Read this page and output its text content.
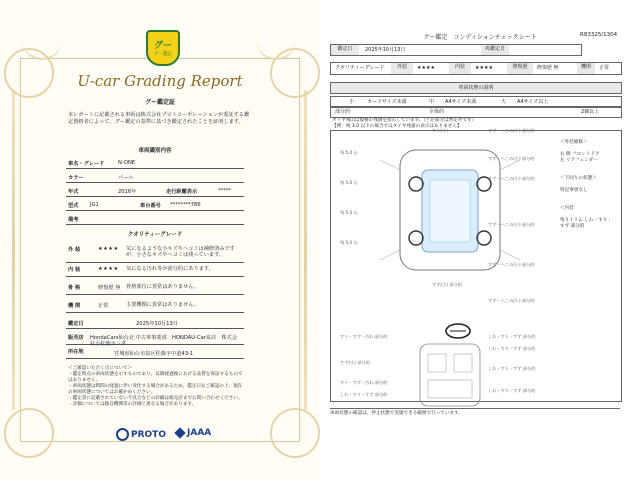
グー
グー鑑定
U-car Grading Report
グー鑑定証
本レポートに記載される車両は株式会社プロトコーポレーションが委託する鑑定資格者によって、グー鑑定の基準に基づき鑑定されたことを証明します。
車両識別内容
車名・グレード	N-ONE
カラー	パール
年式	2016年	走行距離表示	*****
型式 JG1	車台番号 ********786
備考
クオリティーグレード
外 装	★★★★ 気になるような小キズやヘコミは補修済みですが、小さなキズやヘコミは残っています。
内 装	★★★★ 気になる汚れ等が部分的にあります。
骨 格	修復歴 無 骨格部位に異常はありません。
機 関	正常	主要機関に異常はありません。
鑑定日	2025年10月13日
販売店 HondaCars仙台北 中古車事業部　HONDAU-Car泉店　株式会社小松鹿ホンダ
所在地	宮城県仙台市泉区松森字中道43-1
＜ご確認いただく点について＞
・鑑定時点の車両状態を示すものであり、以降経過後における品質を保証するものではありません。
・車両状態は時間の経過に伴い変化する場合があるため、鑑定日をご確認の上、現在の車両状態についてはお確かめください。
・鑑定書に記載されていない不具合などの詳細は販売店までお問い合わせください。
・評価については独自機関等の評価と異なる場合があります。
PROTO	JAAA
グー鑑定　コンディションチェックシート	R83325/1304
鑑定日	2025年10月13日	再鑑定日
クオリティーグレード	外装	★★★★	内装	★★★★	修復歴	修復歴 無	機関	正常
車両状態の説明
小	カードサイズ未満	中 A4サイズ未満	大 A4サイズ以上
部分的	全体的	2個以上
タイヤ残山は規格の残溝を指示しています。（とか部分は判定外です）
【例：残 3.0 以下の場合ではタイヤ残量の表示はありません】
残 5.0 山
残 5.0 山
残 5.0 山
残 5.0 山
すり(小)	すず・へこみ(小) 部分的
すず・へこみ(小) 部分的
すず・へこみ(小) 部分的
すず・へこみ(小) 部分的
すず(小) 部分的
すず・へこみ(小) 部分的
すず・へこみ(小) 部分的

＜外装補修＞

右 側 フロントドア
左 リアフェンダー

＜下回りの状態＞

特記事項なし

＜内装

残りトリム しわ・すり・すず 部分的

すり・すず・汚れ 部分的	しわ・すり・すず 部分的
しわ・すり・すず 部分的
すり・すず・汚れ 部分的
しわ・すり・すず 部分的
しわ・すり・すず 部分的
しわ・すり・すず 部分的
すず(小) 部分的
車両状態の確認は、停止状態で実施できる範囲で行っています。
